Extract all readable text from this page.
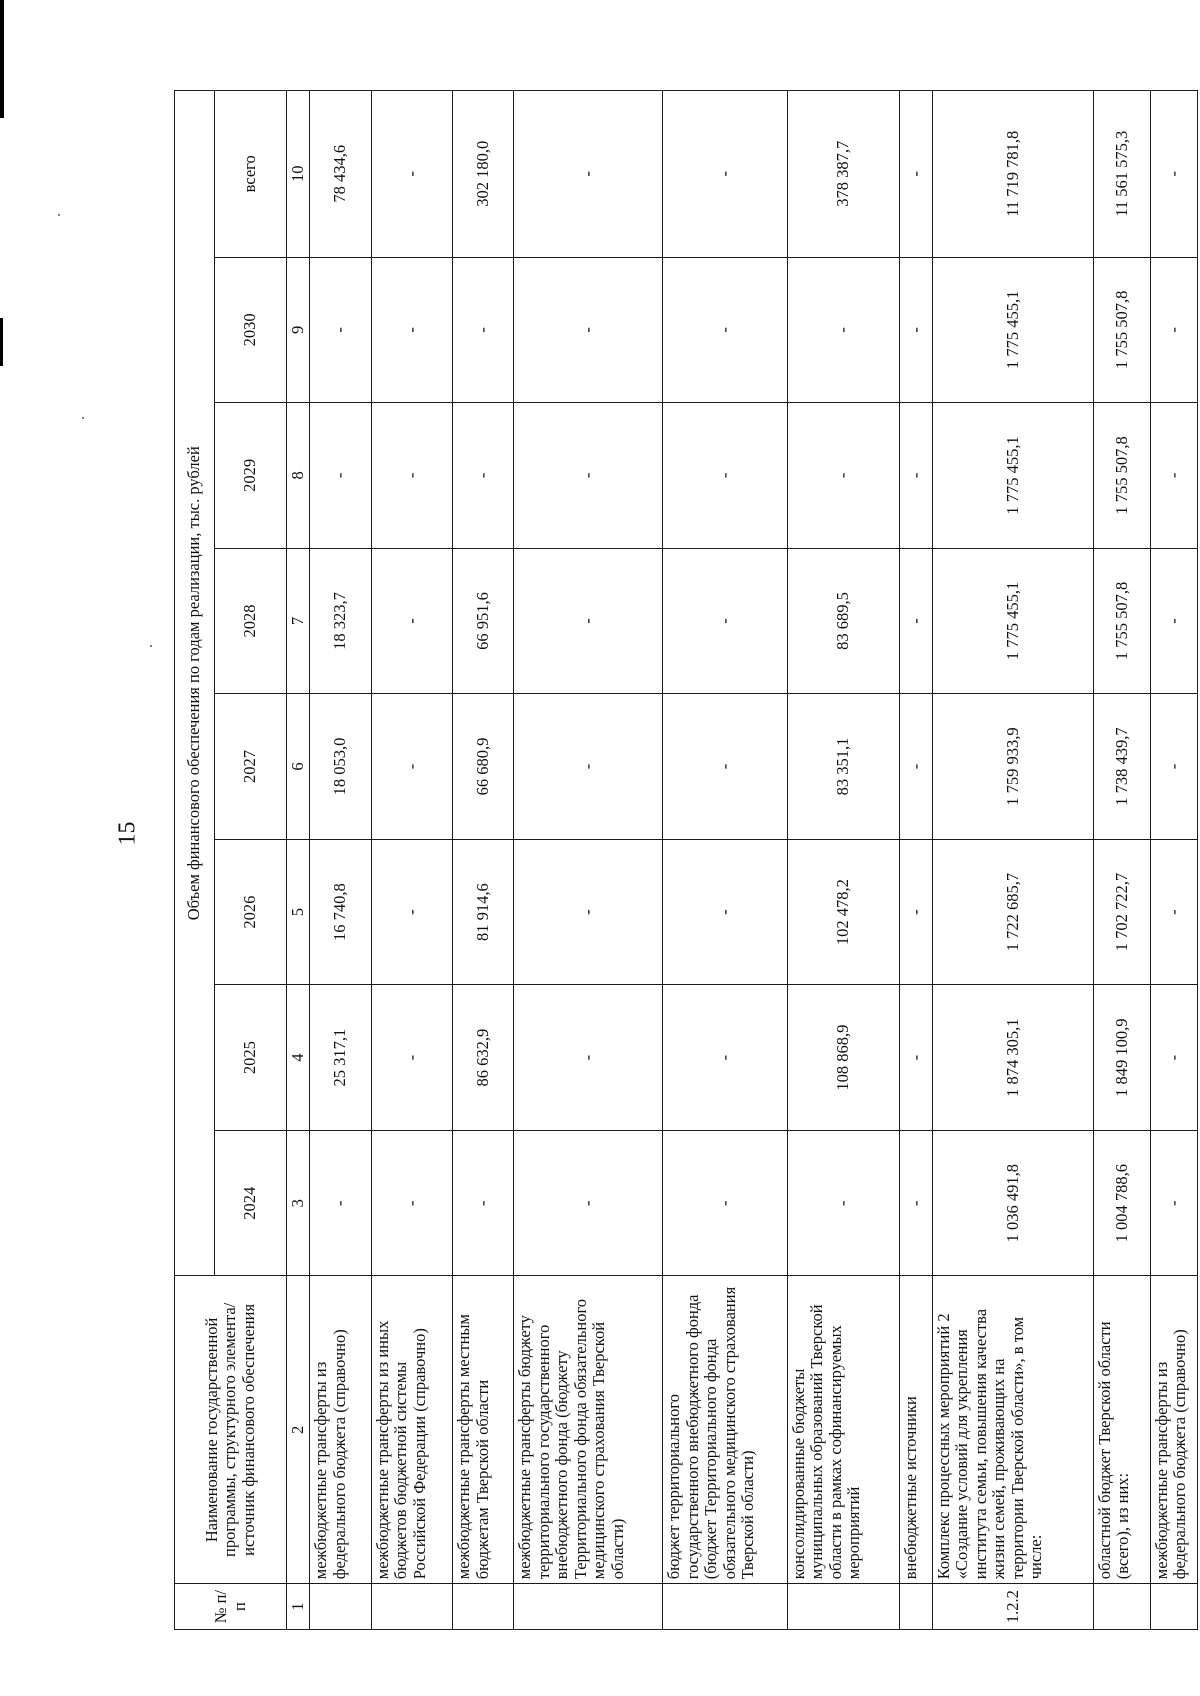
15
№ п/п	Наименование государственной программы, структурного элемента/источник финансового обеспечения	Объем финансового обеспечения по годам реализации, тыс. рублей							
		2024	2025	2026	2027	2028	2029	2030	всего
1	2	3	4	5	6	7	8	9	10
	межбюджетные трансферты из федерального бюджета (справочно)	-	25 317,1	16 740,8	18 053,0	18 323,7	-	-	78 434,6
	межбюджетные трансферты из иных бюджетов бюджетной системы Российской Федерации (справочно)	-	-	-	-	-	-	-	-
	межбюджетные трансферты местным бюджетам Тверской области	-	86 632,9	81 914,6	66 680,9	66 951,6	-	-	302 180,0
	межбюджетные трансферты бюджету территориального государственного внебюджетного фонда (бюджету Территориального фонда обязательного медицинского страхования Тверской области)	-	-	-	-	-	-	-	-
	бюджет территориального государственного внебюджетного фонда (бюджет Территориального фонда обязательного медицинского страхования Тверской области)	-	-	-	-	-	-	-	-
	консолидированные бюджеты муниципальных образований Тверской области в рамках софинансируемых мероприятий	-	108 868,9	102 478,2	83 351,1	83 689,5	-	-	378 387,7
	внебюджетные источники	-	-	-	-	-	-	-	-
1.2.2	Комплекс процессных мероприятий 2 «Создание условий для укрепления института семьи, повышения качества жизни семей, проживающих на территории Тверской области», в том числе:	1 036 491,8	1 874 305,1	1 722 685,7	1 759 933,9	1 775 455,1	1 775 455,1	1 775 455,1	11 719 781,8
	областной бюджет Тверской области (всего), из них:	1 004 788,6	1 849 100,9	1 702 722,7	1 738 439,7	1 755 507,8	1 755 507,8	1 755 507,8	11 561 575,3
	межбюджетные трансферты из федерального бюджета (справочно)	-	-	-	-	-	-	-	-
